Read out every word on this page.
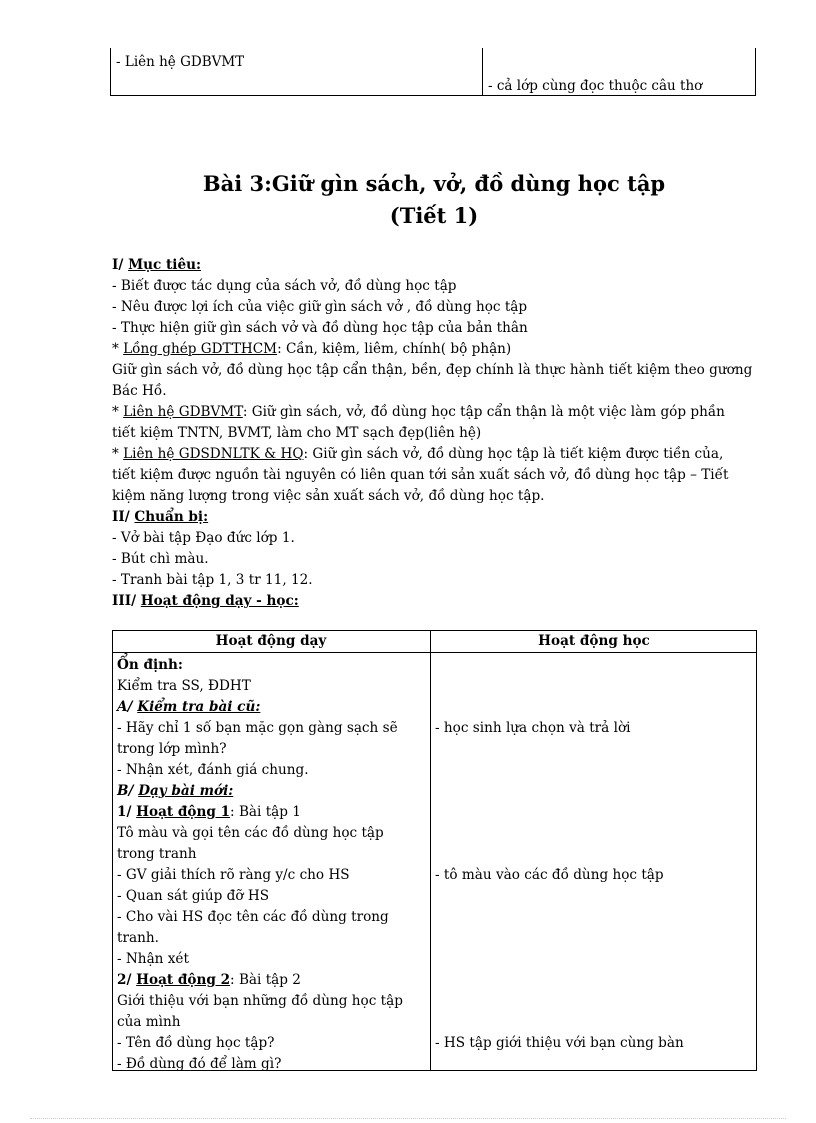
- Liên hệ GDBVMT
- cả lớp cùng đọc thuộc câu thơ
Bài 3:Giữ gìn sách, vở, đồ dùng học tập
(Tiết 1)
I/ Mục tiêu:
- Biết được tác dụng của sách vở, đồ dùng học tập
- Nêu được lợi ích của việc giữ gìn sách vở , đồ dùng học tập
- Thực hiện giữ gìn sách vở và đồ dùng học tập của bản thân
* Lồng ghép GDTTHCM: Cần, kiệm, liêm, chính( bộ phận)
Giữ gìn sách vở, đồ dùng học tập cẩn thận, bền, đẹp chính là thực hành tiết kiệm theo gương
Bác Hồ.
* Liên hệ GDBVMT: Giữ gìn sách, vở, đồ dùng học tập cẩn thận là một việc làm góp phần
tiết kiệm TNTN, BVMT, làm cho MT sạch đẹp(liên hệ)
* Liên hệ GDSDNLTK & HQ: Giữ gìn sách vở, đồ dùng học tập là tiết kiệm được tiền của,
tiết kiệm được nguồn tài nguyên có liên quan tới sản xuất sách vở, đồ dùng học tập – Tiết
kiệm năng lượng trong việc sản xuất sách vở, đồ dùng học tập.
II/ Chuẩn bị:
- Vở bài tập Đạo đức lớp 1.
- Bút chì màu.
- Tranh bài tập 1, 3 tr 11, 12.
III/ Hoạt động dạy - học:
Hoạt động dạy	Hoạt động học
Ổn định:
Kiểm tra SS, ĐDHT
A/ Kiểm tra bài cũ:
- Hãy chỉ 1 số bạn mặc gọn gàng sạch sẽ
trong lớp mình?
- Nhận xét, đánh giá chung.
B/ Dạy bài mới:
1/ Hoạt động 1: Bài tập 1
Tô màu và gọi tên các đồ dùng học tập
trong tranh
- GV giải thích rõ ràng y/c cho HS
- Quan sát giúp đỡ HS
- Cho vài HS đọc tên các đồ dùng trong
tranh.
- Nhận xét
2/ Hoạt động 2: Bài tập 2
Giới thiệu với bạn những đồ dùng học tập
của mình
- Tên đồ dùng học tập?
- Đồ dùng đó để làm gì?
- học sinh lựa chọn và trả lời
- tô màu vào các đồ dùng học tập
- HS tập giới thiệu với bạn cùng bàn
